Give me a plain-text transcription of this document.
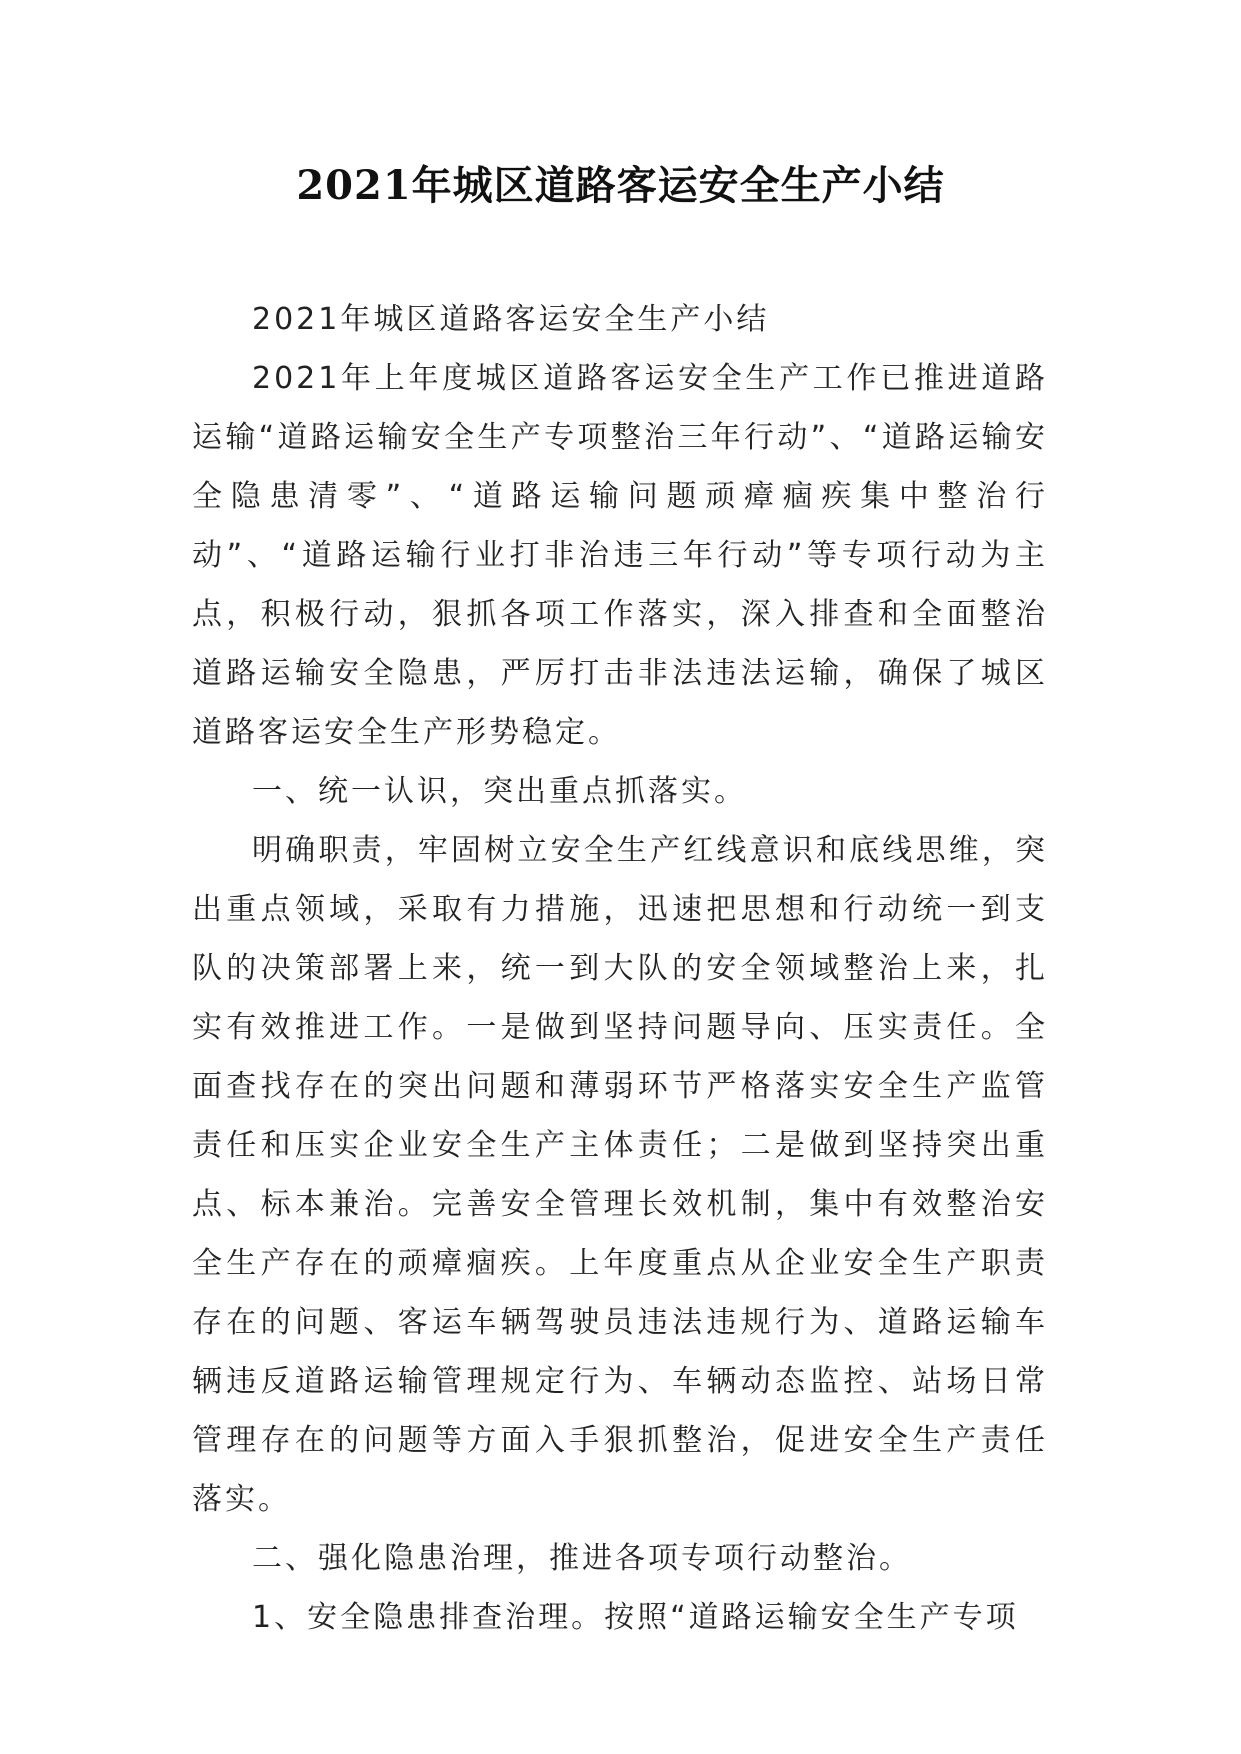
2021年城区道路客运安全生产小结

2021年城区道路客运安全生产小结

2021年上年度城区道路客运安全生产工作已推进道路运输“道路运输安全生产专项整治三年行动”、“道路运输安全隐患清零”、“道路运输问题顽瘴痼疾集中整治行动”、“道路运输行业打非治违三年行动”等专项行动为主点，积极行动，狠抓各项工作落实，深入排查和全面整治道路运输安全隐患，严厉打击非法违法运输，确保了城区道路客运安全生产形势稳定。

一、统一认识，突出重点抓落实。

明确职责，牢固树立安全生产红线意识和底线思维，突出重点领域，采取有力措施，迅速把思想和行动统一到支队的决策部署上来，统一到大队的安全领域整治上来，扎实有效推进工作。一是做到坚持问题导向、压实责任。全面查找存在的突出问题和薄弱环节严格落实安全生产监管责任和压实企业安全生产主体责任；二是做到坚持突出重点、标本兼治。完善安全管理长效机制，集中有效整治安全生产存在的顽瘴痼疾。上年度重点从企业安全生产职责存在的问题、客运车辆驾驶员违法违规行为、道路运输车辆违反道路运输管理规定行为、车辆动态监控、站场日常管理存在的问题等方面入手狠抓整治，促进安全生产责任落实。

二、强化隐患治理，推进各项专项行动整治。

1、安全隐患排查治理。按照“道路运输安全生产专项
